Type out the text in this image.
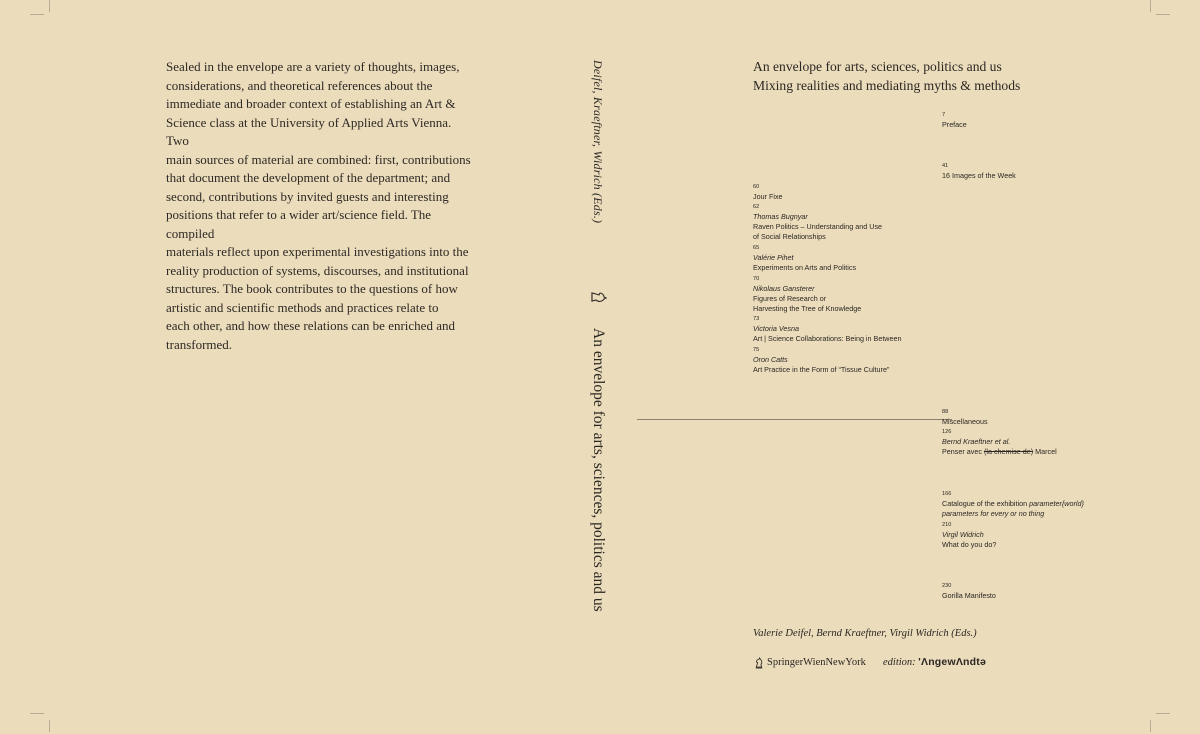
Sealed in the envelope are a variety of thoughts, images,
considerations, and theoretical references about the
immediate and broader context of establishing an Art &
Science class at the University of Applied Arts Vienna. Two
main sources of material are combined: first, contributions
that document the development of the department; and
second, contributions by invited guests and interesting
positions that refer to a wider art/science field. The compiled
materials reflect upon experimental investigations into the
reality production of systems, discourses, and institutional
structures. The book contributes to the questions of how
artistic and scientific methods and practices relate to
each other, and how these relations can be enriched and
transformed.
Deifel, Kraeftner, Widrich (Eds.)
An envelope for arts, sciences, politics and us
An envelope for arts, sciences, politics and us
Mixing realities and mediating myths & methods
7
Preface
41
16 Images of the Week
60
Jour Fixe
62
Thomas Bugnyar
Raven Politics – Understanding and Use
of Social Relationships
65
Valérie Pihet
Experiments on Arts and Politics
70
Nikolaus Gansterer
Figures of Research or
Harvesting the Tree of Knowledge
73
Victoria Vesna
Art | Science Collaborations: Being in Between
75
Oron Catts
Art Practice in the Form of “Tissue Culture”
88
Miscellaneous
126
Bernd Kraeftner et al.
Penser avec (la chemise de) Marcel
166
Catalogue of the exhibition parameter{world}
parameters for every or no thing
210
Virgil Widrich
What do you do?
230
Gorilla Manifesto
Valerie Deifel, Bernd Kraeftner, Virgil Widrich (Eds.)
SpringerWienNewYork edition: 'ΛngewΛndtə
